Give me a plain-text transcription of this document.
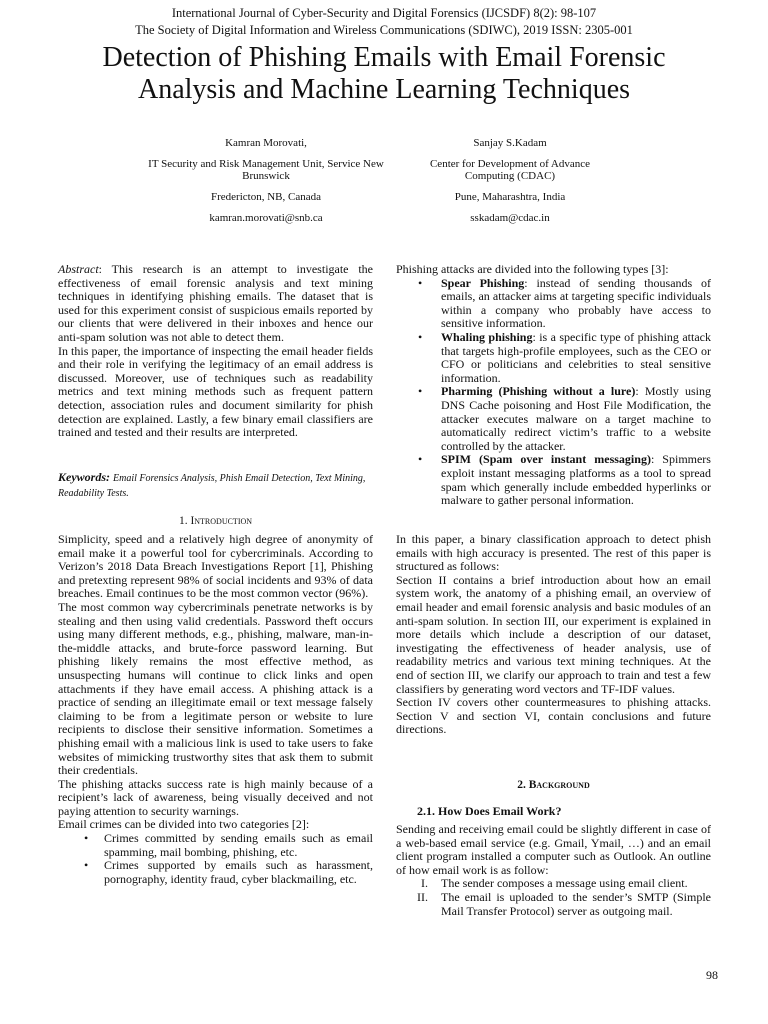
International Journal of Cyber-Security and Digital Forensics (IJCSDF) 8(2): 98-107
The Society of Digital Information and Wireless Communications (SDIWC), 2019 ISSN: 2305-001
Detection of Phishing Emails with Email Forensic
Analysis and Machine Learning Techniques
Kamran Morovati,
IT Security and Risk Management Unit, Service New Brunswick
Fredericton, NB, Canada
kamran.morovati@snb.ca
Sanjay S.Kadam
Center for Development of Advance Computing (CDAC)
Pune, Maharashtra, India
sskadam@cdac.in

Abstract: This research is an attempt to investigate the effectiveness of email forensic analysis and text mining techniques in identifying phishing emails. The dataset that is used for this experiment consist of suspicious emails reported by our clients that were delivered in their inboxes and hence our anti-spam solution was not able to detect them.

In this paper, the importance of inspecting the email header fields and their role in verifying the legitimacy of an email address is discussed. Moreover, use of techniques such as readability metrics and text mining methods such as frequent pattern detection, association rules and document similarity for phish detection are explained. Lastly, a few binary email classifiers are trained and tested and their results are interpreted.

Keywords: Email Forensics Analysis, Phish Email Detection, Text Mining, Readability Tests.
1. Introduction

Simplicity, speed and a relatively high degree of anonymity of email make it a powerful tool for cybercriminals. According to Verizon’s 2018 Data Breach Investigations Report [1], Phishing and pretexting represent 98% of social incidents and 93% of data breaches. Email continues to be the most common vector (96%).

The most common way cybercriminals penetrate networks is by stealing and then using valid credentials. Password theft occurs using many different methods, e.g., phishing, malware, man-in-the-middle attacks, and brute-force password learning. But phishing likely remains the most effective method, as unsuspecting humans will continue to click links and open attachments if they have email access. A phishing attack is a practice of sending an illegitimate email or text message falsely claiming to be from a legitimate person or website to lure recipients to disclose their sensitive information. Sometimes a phishing email with a malicious link is used to take users to fake websites of mimicking trustworthy sites that ask them to submit their credentials.

The phishing attacks success rate is high mainly because of a recipient’s lack of awareness, being visually deceived and not paying attention to security warnings.

Email crimes can be divided into two categories [2]:

• Crimes committed by sending emails such as email spamming, mail bombing, phishing, etc.
• Crimes supported by emails such as harassment, pornography, identity fraud, cyber blackmailing, etc.

Phishing attacks are divided into the following types [3]:

• Spear Phishing: instead of sending thousands of emails, an attacker aims at targeting specific individuals within a company who probably have access to sensitive information.
• Whaling phishing: is a specific type of phishing attack that targets high-profile employees, such as the CEO or CFO or politicians and celebrities to steal sensitive information.
• Pharming (Phishing without a lure): Mostly using DNS Cache poisoning and Host File Modification, the attacker executes malware on a target machine to automatically redirect victim’s traffic to a website controlled by the attacker.
• SPIM (Spam over instant messaging): Spimmers exploit instant messaging platforms as a tool to spread spam which generally include embedded hyperlinks or malware to gather personal information.

In this paper, a binary classification approach to detect phish emails with high accuracy is presented. The rest of this paper is structured as follows:

Section II contains a brief introduction about how an email system work, the anatomy of a phishing email, an overview of email header and email forensic analysis and basic modules of an anti-spam solution. In section III, our experiment is explained in more details which include a description of our dataset, investigating the effectiveness of header analysis, use of readability metrics and various text mining techniques. At the end of section III, we clarify our approach to train and test a few classifiers by generating word vectors and TF-IDF values.

Section IV covers other countermeasures to phishing attacks. Section V and section VI, contain conclusions and future directions.

2. Background
2.1. How Does Email Work?

Sending and receiving email could be slightly different in case of a web-based email service (e.g. Gmail, Ymail, …) and an email client program installed a computer such as Outlook. An outline of how email work is as follow:

I. The sender composes a message using email client.
II. The email is uploaded to the sender’s SMTP (Simple Mail Transfer Protocol) server as outgoing mail.
98
